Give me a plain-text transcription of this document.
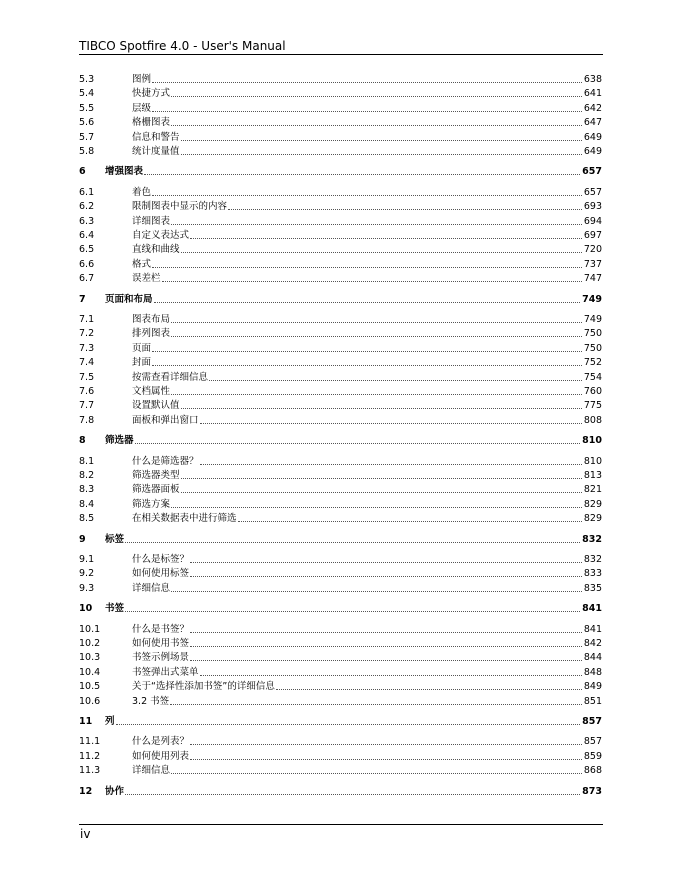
TIBCO Spotfire 4.0 - User's Manual
5.3	图例	638
5.4	快捷方式	641
5.5	层级	642
5.6	格栅图表	647
5.7	信息和警告	649
5.8	统计度量值	649
6	增强图表	657
6.1	着色	657
6.2	限制图表中显示的内容	693
6.3	详细图表	694
6.4	自定义表达式	697
6.5	直线和曲线	720
6.6	格式	737
6.7	误差栏	747
7	页面和布局	749
7.1	图表布局	749
7.2	排列图表	750
7.3	页面	750
7.4	封面	752
7.5	按需查看详细信息	754
7.6	文档属性	760
7.7	设置默认值	775
7.8	面板和弹出窗口	808
8	筛选器	810
8.1	什么是筛选器？	810
8.2	筛选器类型	813
8.3	筛选器面板	821
8.4	筛选方案	829
8.5	在相关数据表中进行筛选	829
9	标签	832
9.1	什么是标签？	832
9.2	如何使用标签	833
9.3	详细信息	835
10	书签	841
10.1	什么是书签？	841
10.2	如何使用书签	842
10.3	书签示例场景	844
10.4	书签弹出式菜单	848
10.5	关于“选择性添加书签”的详细信息	849
10.6	3.2 书签	851
11	列	857
11.1	什么是列表？	857
11.2	如何使用列表	859
11.3	详细信息	868
12	协作	873
iv
